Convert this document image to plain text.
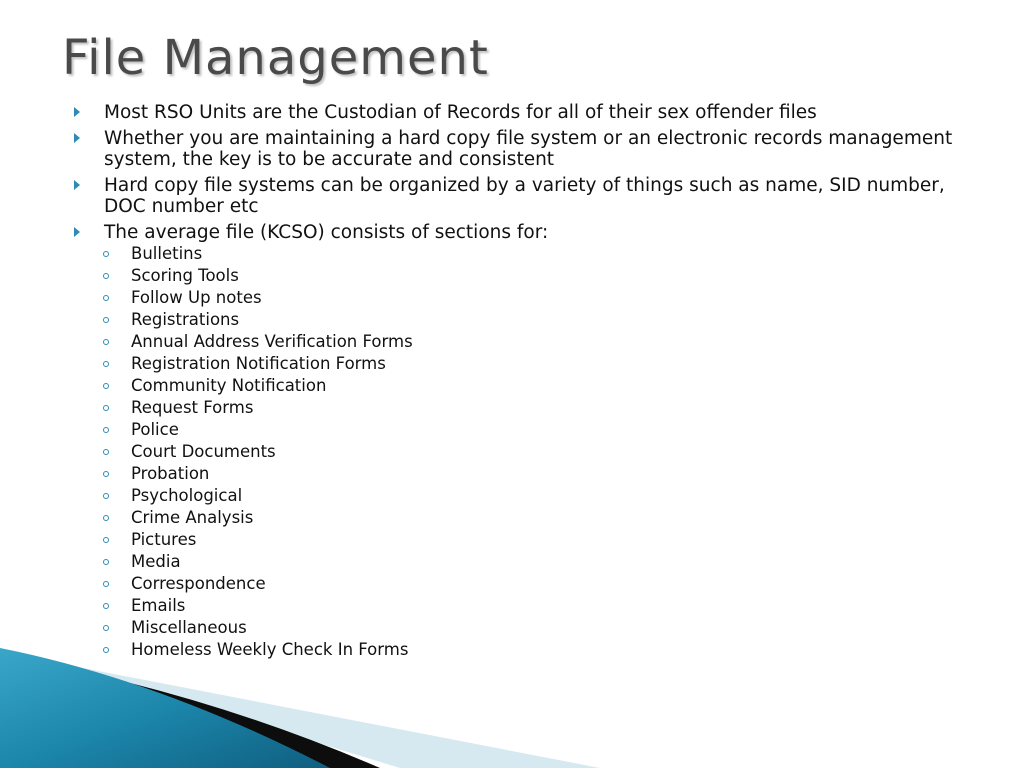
File Management
Most RSO Units are the Custodian of Records for all of their sex offender files
Whether you are maintaining a hard copy file system or an electronic records management system, the key is to be accurate and consistent
Hard copy file systems can be organized by a variety of things such as name, SID number, DOC number etc
The average file (KCSO) consists of sections for:
Bulletins
Scoring Tools
Follow Up notes
Registrations
Annual Address Verification Forms
Registration Notification Forms
Community Notification
Request Forms
Police
Court Documents
Probation
Psychological
Crime Analysis
Pictures
Media
Correspondence
Emails
Miscellaneous
Homeless Weekly Check In Forms
